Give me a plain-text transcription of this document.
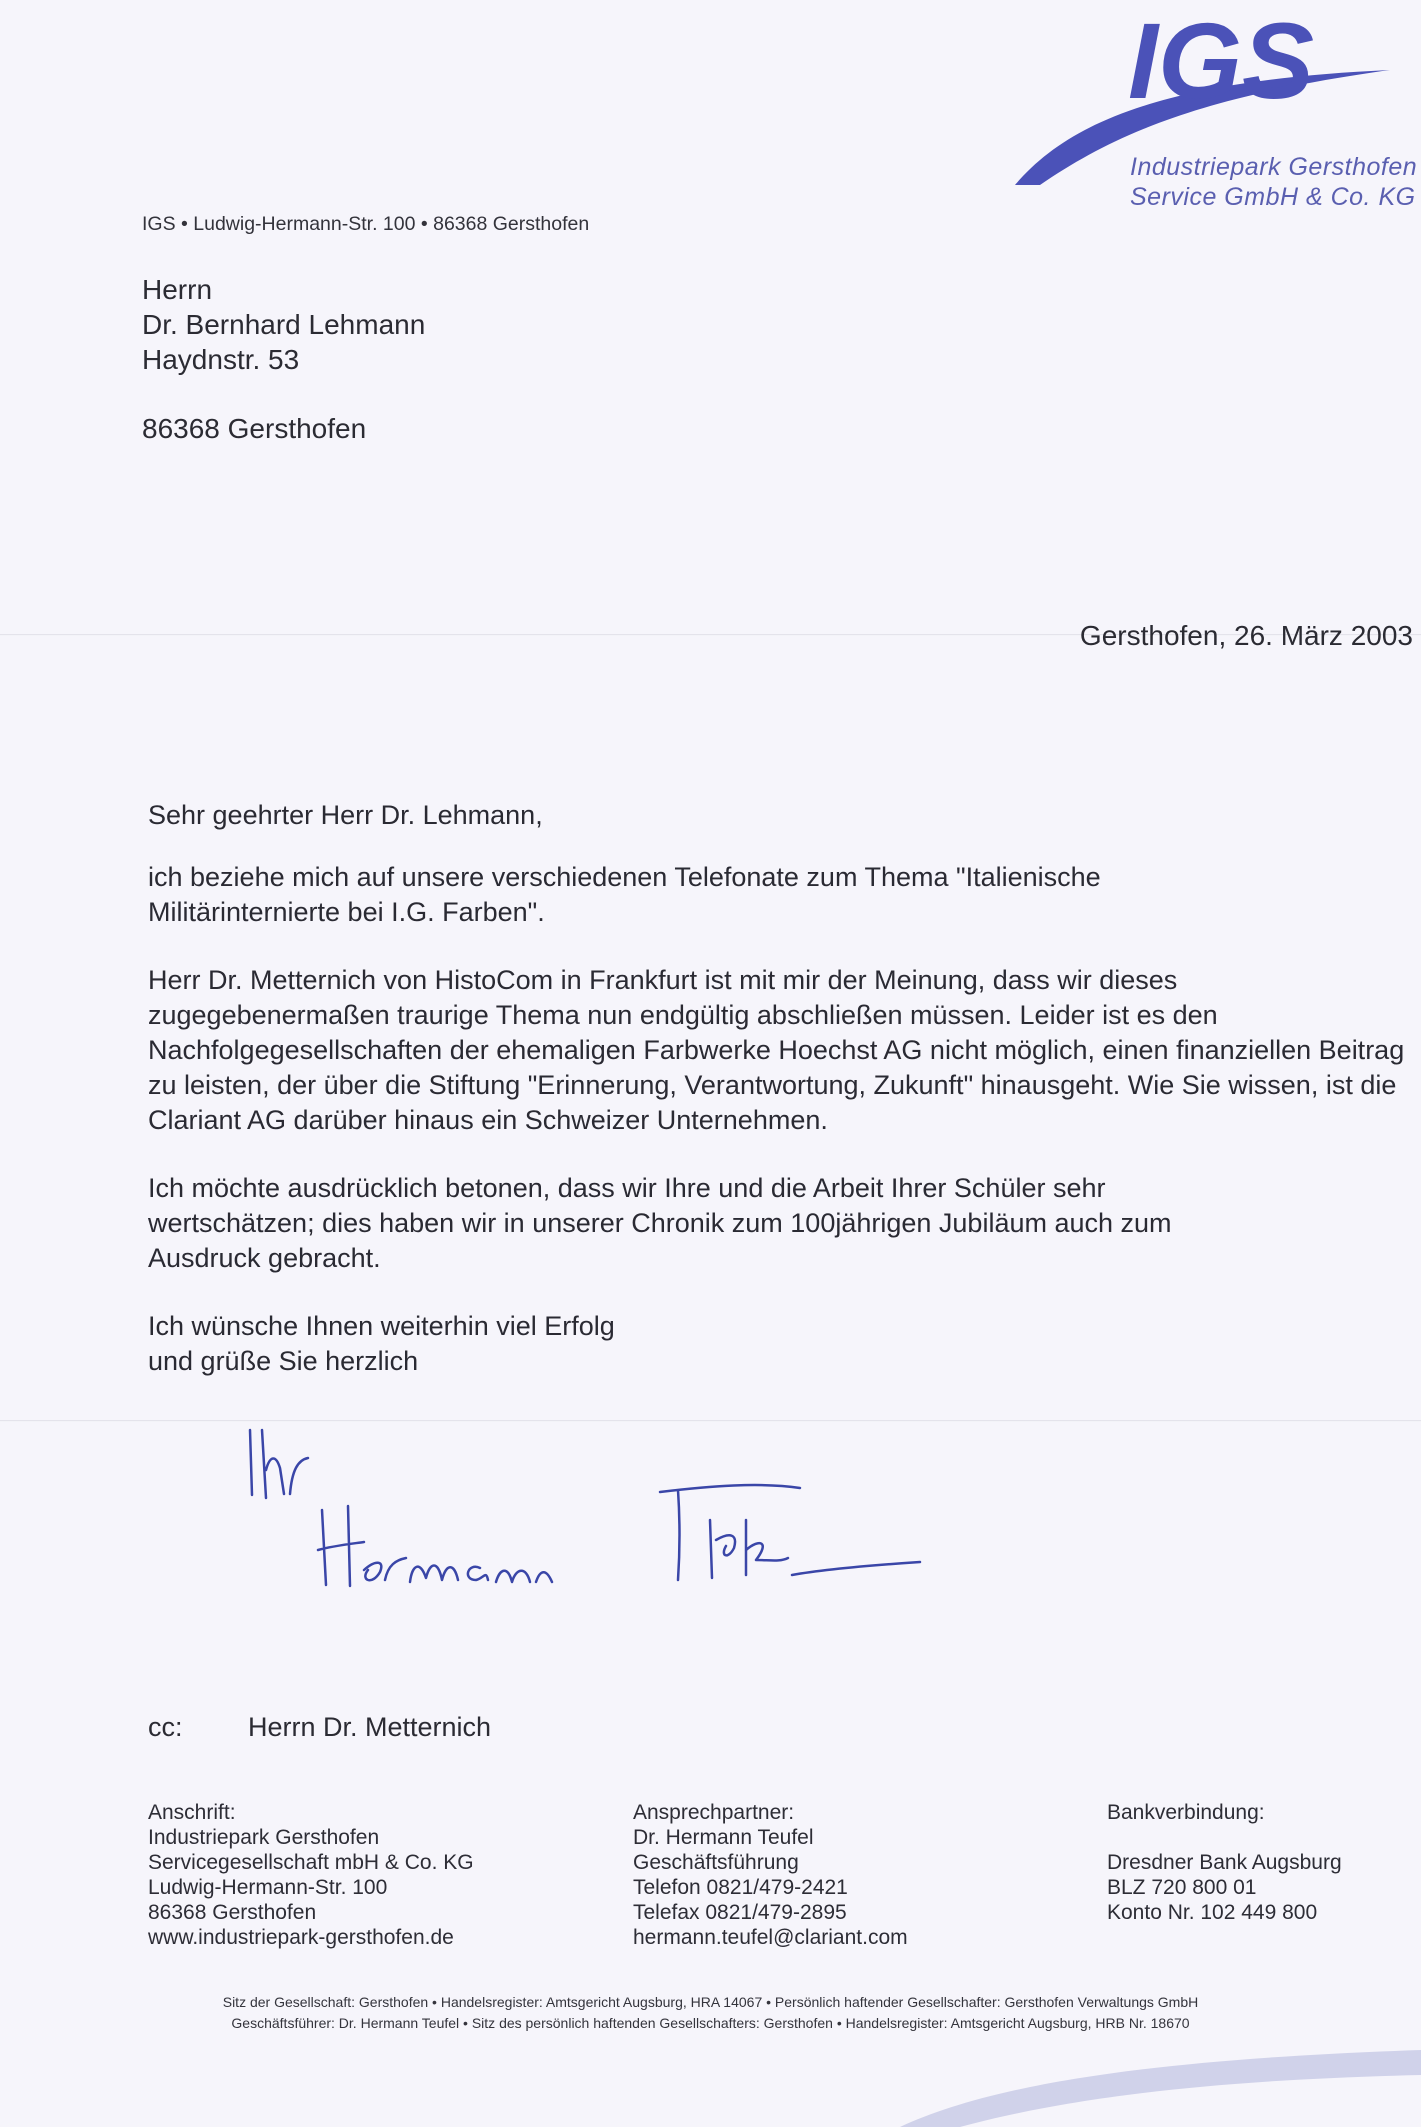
IGS
Industriepark Gersthofen
Service GmbH & Co. KG
IGS • Ludwig-Hermann-Str. 100 • 86368 Gersthofen
Herrn
Dr. Bernhard Lehmann
Haydnstr. 53
86368 Gersthofen
Gersthofen, 26. März 2003

Sehr geehrter Herr Dr. Lehmann,

ich beziehe mich auf unsere verschiedenen Telefonate zum Thema "Italienische Militärinternierte bei I.G. Farben".

Herr Dr. Metternich von HistoCom in Frankfurt ist mit mir der Meinung, dass wir dieses zugegebenermaßen traurige Thema nun endgültig abschließen müssen. Leider ist es den Nachfolgegesellschaften der ehemaligen Farbwerke Hoechst AG nicht möglich, einen finanziellen Beitrag zu leisten, der über die Stiftung "Erinnerung, Verantwortung, Zukunft" hinausgeht. Wie Sie wissen, ist die Clariant AG darüber hinaus ein Schweizer Unternehmen.

Ich möchte ausdrücklich betonen, dass wir Ihre und die Arbeit Ihrer Schüler sehr wertschätzen; dies haben wir in unserer Chronik zum 100jährigen Jubiläum auch zum Ausdruck gebracht.

Ich wünsche Ihnen weiterhin viel Erfolg
und grüße Sie herzlich
cc: Herrn Dr. Metternich
Anschrift:
Industriepark Gersthofen
Servicegesellschaft mbH & Co. KG
Ludwig-Hermann-Str. 100
86368 Gersthofen
www.industriepark-gersthofen.de
Ansprechpartner:
Dr. Hermann Teufel
Geschäftsführung
Telefon 0821/479-2421
Telefax 0821/479-2895
hermann.teufel@clariant.com
Bankverbindung:
Dresdner Bank Augsburg
BLZ 720 800 01
Konto Nr. 102 449 800
Sitz der Gesellschaft: Gersthofen • Handelsregister: Amtsgericht Augsburg, HRA 14067 • Persönlich haftender Gesellschafter: Gersthofen Verwaltungs GmbH
Geschäftsführer: Dr. Hermann Teufel • Sitz des persönlich haftenden Gesellschafters: Gersthofen • Handelsregister: Amtsgericht Augsburg, HRB Nr. 18670
